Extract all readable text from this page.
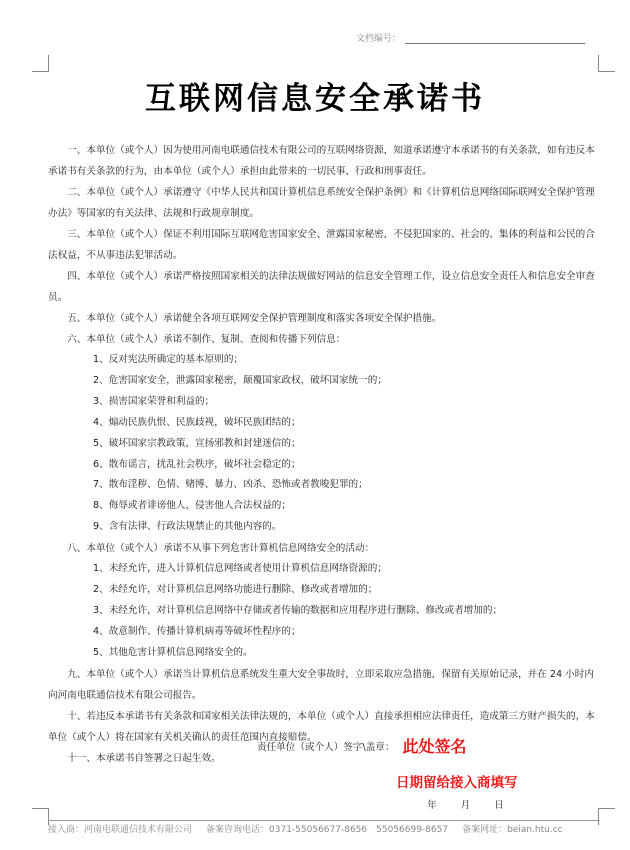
文档编号：
互联网信息安全承诺书

一、本单位（或个人）因为使用河南电联通信技术有限公司的互联网络资源，知道承诺遵守本承诺书的有关条款，如有违反本承诺书有关条款的行为，由本单位（或个人）承担由此带来的一切民事、行政和刑事责任。

二、本单位（或个人）承诺遵守《中华人民共和国计算机信息系统安全保护条例》和《计算机信息网络国际联网安全保护管理办法》等国家的有关法律、法规和行政规章制度。

三、本单位（或个人）保证不利用国际互联网危害国家安全、泄露国家秘密，不侵犯国家的、社会的、集体的利益和公民的合法权益，不从事违法犯罪活动。

四、本单位（或个人）承诺严格按照国家相关的法律法规做好网站的信息安全管理工作，设立信息安全责任人和信息安全审查员。

五、本单位（或个人）承诺健全各项互联网安全保护管理制度和落实各项安全保护措施。

六、本单位（或个人）承诺不制作、复制、查阅和传播下列信息：

1、反对宪法所确定的基本原则的；

2、危害国家安全，泄露国家秘密，颠覆国家政权，破坏国家统一的；

3、损害国家荣誉和利益的；

4、煽动民族仇恨、民族歧视，破坏民族团结的；

5、破坏国家宗教政策，宣扬邪教和封建迷信的；

6、散布谣言，扰乱社会秩序，破坏社会稳定的；

7、散布淫秽、色情、赌博、暴力、凶杀、恐怖或者教唆犯罪的；

8、侮辱或者诽谤他人，侵害他人合法权益的；

9、含有法律、行政法规禁止的其他内容的。

八、本单位（或个人）承诺不从事下列危害计算机信息网络安全的活动：

1、未经允许，进入计算机信息网络或者使用计算机信息网络资源的；

2、未经允许，对计算机信息网络功能进行删除、修改或者增加的；

3、未经允许，对计算机信息网络中存储或者传输的数据和应用程序进行删除、修改或者增加的；

4、故意制作、传播计算机病毒等破坏性程序的；

5、其他危害计算机信息网络安全的。

九、本单位（或个人）承诺当计算机信息系统发生重大安全事故时，立即采取应急措施，保留有关原始记录，并在 24 小时内向河南电联通信技术有限公司报告。

十、若违反本承诺书有关条款和国家相关法律法规的，本单位（或个人）直接承担相应法律责任，造成第三方财产损失的，本单位（或个人）将在国家有关机关确认的责任范围内直接赔偿。

十一、本承诺书自签署之日起生效。

责任单位（或个人）签字\盖章： 此处签名
日期留给接入商填写
年	月	日
接入商：河南电联通信技术有限公司 备案咨询电话：0371-55056677-8656　55056699-8657 备案网址：beian.htu.cc
